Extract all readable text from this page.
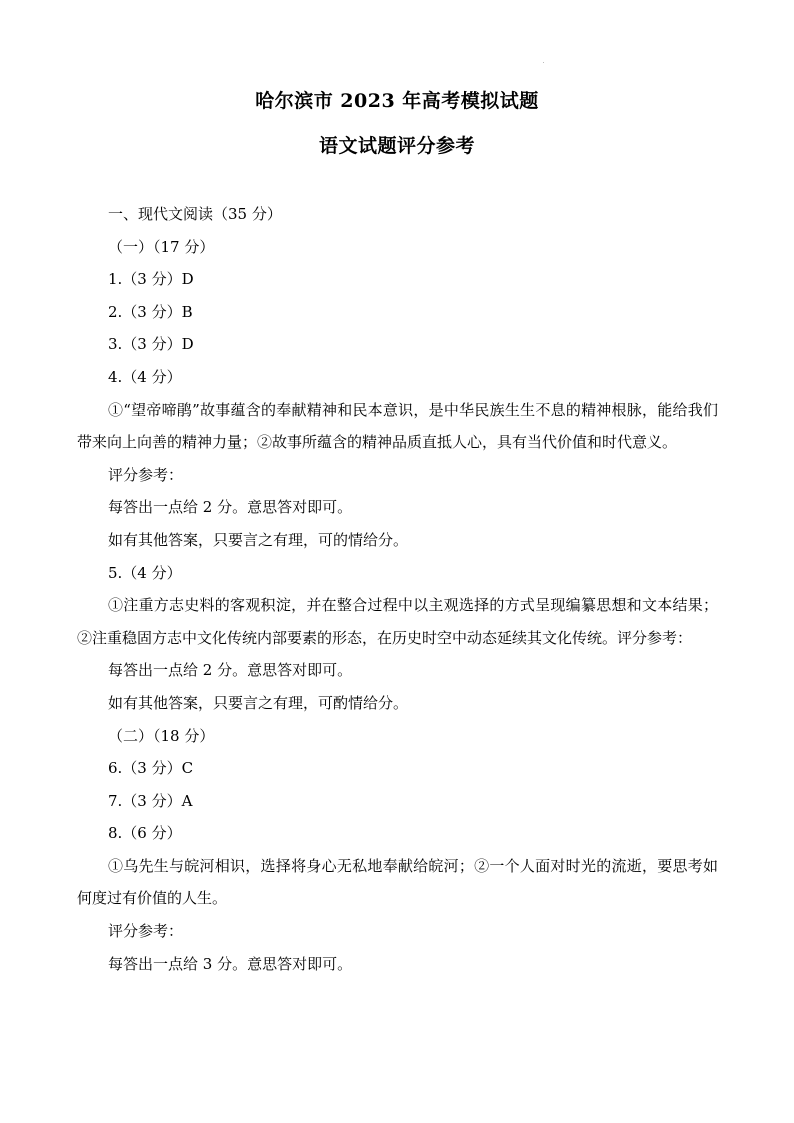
哈尔滨市 2023 年高考模拟试题
语文试题评分参考
一、现代文阅读（35 分）
（一）（17 分）
1.（3 分）D
2.（3 分）B
3.（3 分）D
4.（4 分）
①“望帝啼鹃”故事蕴含的奉献精神和民本意识，是中华民族生生不息的精神根脉，能给我们带来向上向善的精神力量；②故事所蕴含的精神品质直抵人心，具有当代价值和时代意义。
评分参考：
每答出一点给 2 分。意思答对即可。
如有其他答案，只要言之有理，可的情给分。
5.（4 分）
①注重方志史料的客观积淀，并在整合过程中以主观选择的方式呈现编纂思想和文本结果；②注重稳固方志中文化传统内部要素的形态，在历史时空中动态延续其文化传统。评分参考：
每答出一点给 2 分。意思答对即可。
如有其他答案，只要言之有理，可酌情给分。
（二）（18 分）
6.（3 分）C
7.（3 分）A
8.（6 分）
①乌先生与皖河相识，选择将身心无私地奉献给皖河；②一个人面对时光的流逝，要思考如何度过有价值的人生。
评分参考：
每答出一点给 3 分。意思答对即可。
